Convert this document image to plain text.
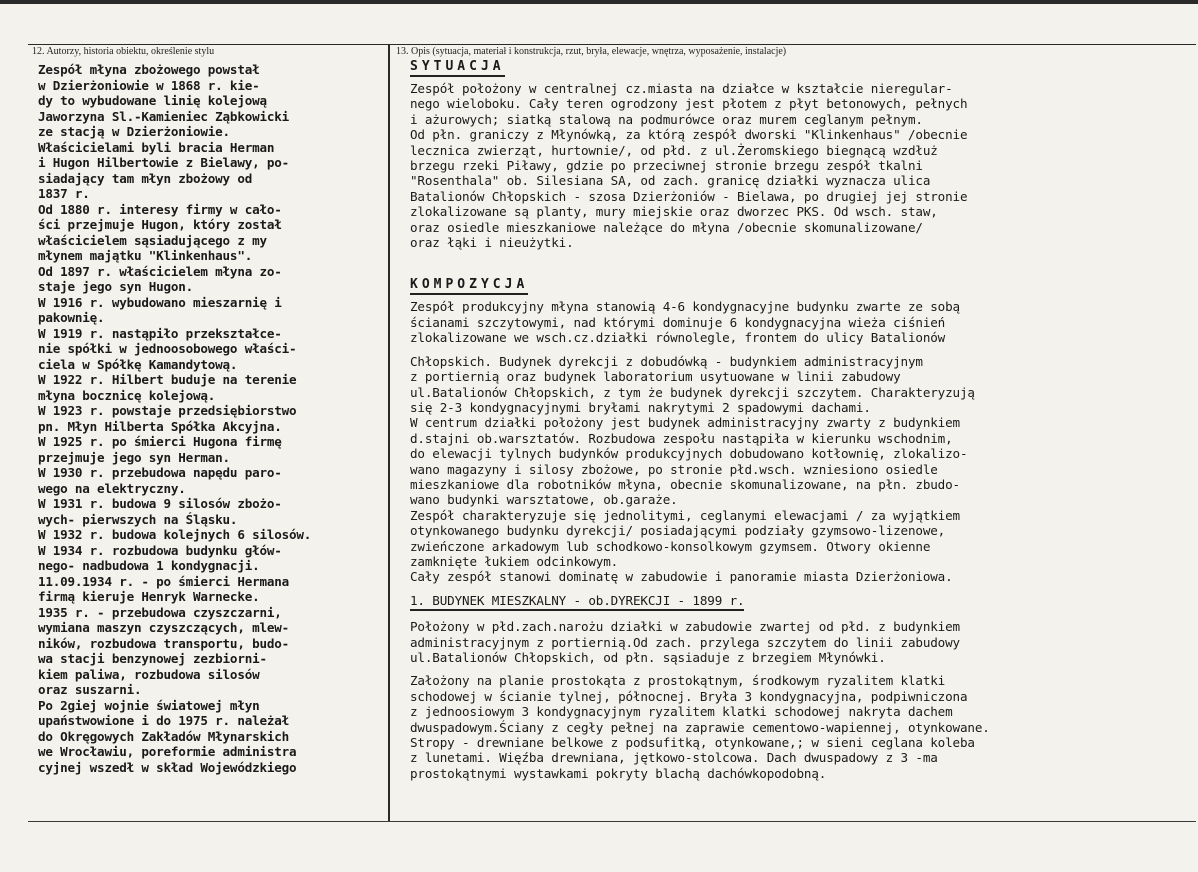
12. Autorzy, historia obiektu, określenie stylu	13. Opis (sytuacja, materiał i konstrukcja, rzut, bryła, elewacje, wnętrza, wyposażenie, instalacje)
Zespół młyna zbożowego powstał
w Dzierżoniowie w 1868 r. kie-
dy to wybudowane linię kolejową
Jaworzyna Sl.-Kamieniec Ząbkowicki
ze stacją w Dzierżoniowie.
Właścicielami byli bracia Herman
i Hugon Hilbertowie z Bielawy, po-
siadający tam młyn zbożowy od
1837 r.
Od 1880 r. interesy firmy w cało-
ści przejmuje Hugon, który został
właścicielem sąsiadującego z my
młynem majątku "Klinkenhaus".
Od 1897 r. właścicielem młyna zo-
staje jego syn Hugon.
W 1916 r. wybudowano mieszarnię i
pakownię.
W 1919 r. nastąpiło przekształce-
nie spółki w jednoosobowego właści-
ciela w Spółkę Kamandytową.
W 1922 r. Hilbert buduje na terenie
młyna bocznicę kolejową.
W 1923 r. powstaje przedsiębiorstwo
pn. Młyn Hilberta Spółka Akcyjna.
W 1925 r. po śmierci Hugona firmę
przejmuje jego syn Herman.
W 1930 r. przebudowa napędu paro-
wego na elektryczny.
W 1931 r. budowa 9 silosów zbożo-
wych- pierwszych na Śląsku.
W 1932 r. budowa kolejnych 6 silosów.
W 1934 r. rozbudowa budynku głów-
nego- nadbudowa 1 kondygnacji.
11.09.1934 r. - po śmierci Hermana
firmą kieruje Henryk Warnecke.
1935 r. - przebudowa czyszczarni,
wymiana maszyn czyszczących, mlew-
ników, rozbudowa transportu, budo-
wa stacji benzynowej zezbiorni-
kiem paliwa, rozbudowa silosów
oraz suszarni.
Po 2giej wojnie światowej młyn
upaństwowione i do 1975 r. należał
do Okręgowych Zakładów Młynarskich
we Wrocławiu, poreformie administra
cyjnej wszedł w skład Wojewódzkiego
SYTUACJA
Zespół położony w centralnej cz.miasta na działce w kształcie nieregular-
nego wieloboku. Cały teren ogrodzony jest płotem z płyt betonowych, pełnych
i ażurowych; siatką stalową na podmurówce oraz murem ceglanym pełnym.
Od płn. graniczy z Młynówką, za którą zespół dworski "Klinkenhaus" /obecnie
lecznica zwierząt, hurtownie/, od płd. z ul.Żeromskiego biegnącą wzdłuż
brzegu rzeki Piławy, gdzie po przeciwnej stronie brzegu zespół tkalni
"Rosenthala" ob. Silesiana SA, od zach. granicę działki wyznacza ulica
Batalionów Chłopskich - szosa Dzierżoniów - Bielawa, po drugiej jej stronie
zlokalizowane są planty, mury miejskie oraz dworzec PKS. Od wsch. staw,
oraz osiedle mieszkaniowe należące do młyna /obecnie skomunalizowane/
oraz łąki i nieużytki.
KOMPOZYCJA
Zespół produkcyjny młyna stanowią 4-6 kondygnacyjne budynku zwarte ze sobą
ścianami szczytowymi, nad którymi dominuje 6 kondygnacyjna wieża ciśnień
zlokalizowane we wsch.cz.działki równolegle, frontem do ulicy Batalionów
Chłopskich. Budynek dyrekcji z dobudówką - budynkiem administracyjnym
z portiernią oraz budynek laboratorium usytuowane w linii zabudowy
ul.Batalionów Chłopskich, z tym że budynek dyrekcji szczytem. Charakteryzują
się 2-3 kondygnacyjnymi bryłami nakrytymi 2 spadowymi dachami.
W centrum działki położony jest budynek administracyjny zwarty z budynkiem
d.stajni ob.warsztatów. Rozbudowa zespołu nastąpiła w kierunku wschodnim,
do elewacji tylnych budynków produkcyjnych dobudowano kotłownię, zlokalizo-
wano magazyny i silosy zbożowe, po stronie płd.wsch. wzniesiono osiedle
mieszkaniowe dla robotników młyna, obecnie skomunalizowane, na płn. zbudo-
wano budynki warsztatowe, ob.garaże.
Zespół charakteryzuje się jednolitymi, ceglanymi elewacjami / za wyjątkiem
otynkowanego budynku dyrekcji/ posiadającymi podziały gzymsowo-lizenowe,
zwieńczone arkadowym lub schodkowo-konsolkowym gzymsem. Otwory okienne
zamknięte łukiem odcinkowym.
Cały zespół stanowi dominatę w zabudowie i panoramie miasta Dzierżoniowa.
1. BUDYNEK MIESZKALNY - ob.DYREKCJI - 1899 r.
Położony w płd.zach.narożu działki w zabudowie zwartej od płd. z budynkiem
administracyjnym z portiernią.Od zach. przylega szczytem do linii zabudowy
ul.Batalionów Chłopskich, od płn. sąsiaduje z brzegiem Młynówki.
Założony na planie prostokąta z prostokątnym, środkowym ryzalitem klatki
schodowej w ścianie tylnej, północnej. Bryła 3 kondygnacyjna, podpiwniczona
z jednoosiowym 3 kondygnacyjnym ryzalitem klatki schodowej nakryta dachem
dwuspadowym.Ściany z cegły pełnej na zaprawie cementowo-wapiennej, otynkowane.
Stropy - drewniane belkowe z podsufitką, otynkowane,; w sieni ceglana koleba
z lunetami. Więźba drewniana, jętkowo-stolcowa. Dach dwuspadowy z 3 -ma
prostokątnymi wystawkami pokryty blachą dachówkopodobną.
